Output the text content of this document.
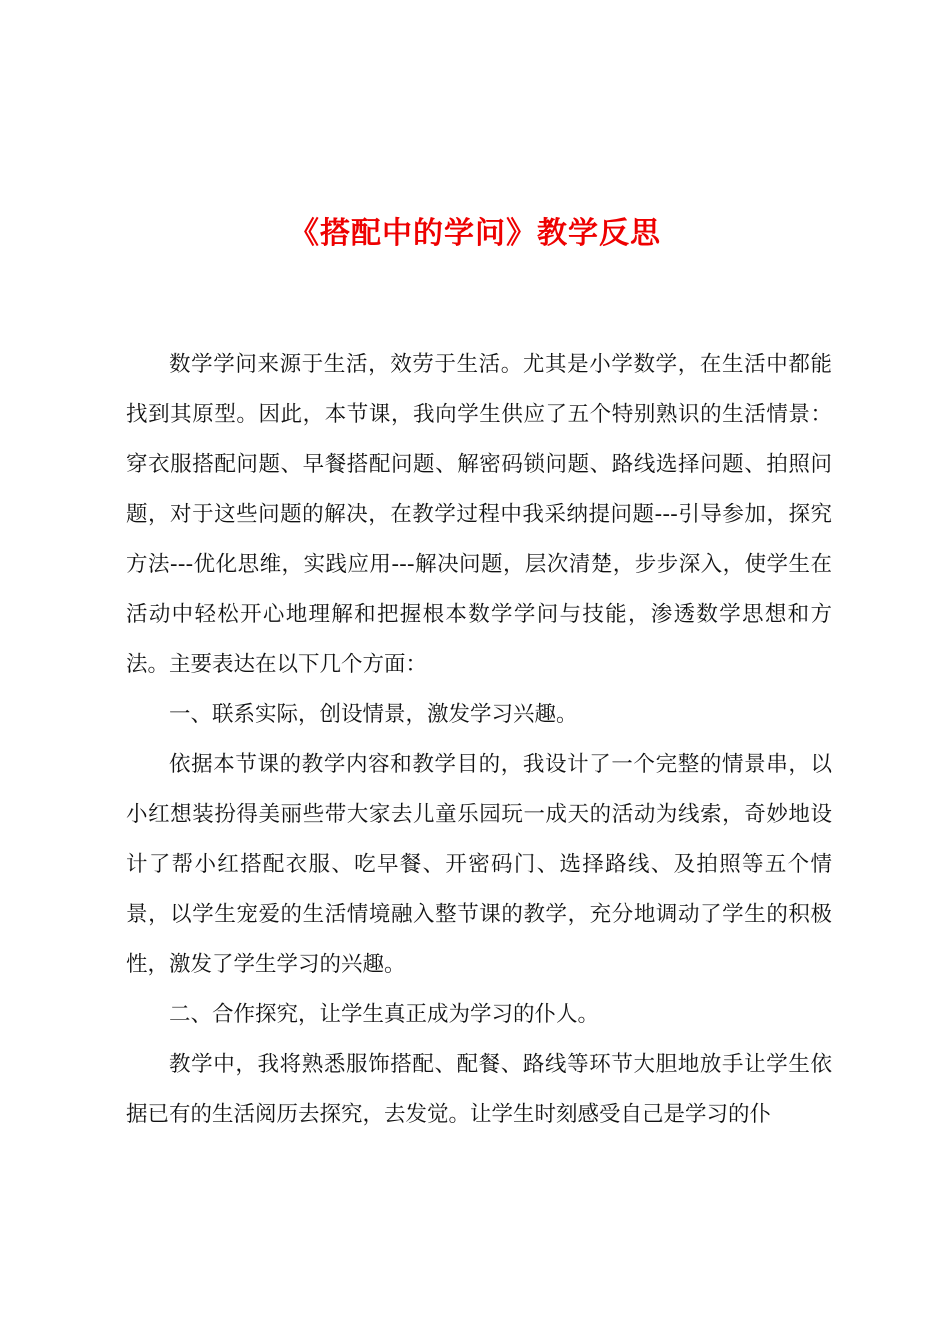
《搭配中的学问》教学反思

数学学问来源于生活，效劳于生活。尤其是小学数学，在生活中都能找到其原型。因此，本节课，我向学生供应了五个特别熟识的生活情景：穿衣服搭配问题、早餐搭配问题、解密码锁问题、路线选择问题、拍照问题，对于这些问题的解决，在教学过程中我采纳提问题---引导参加，探究方法---优化思维，实践应用---解决问题，层次清楚，步步深入，使学生在活动中轻松开心地理解和把握根本数学学问与技能，渗透数学思想和方法。主要表达在以下几个方面：

一、联系实际，创设情景，激发学习兴趣。

依据本节课的教学内容和教学目的，我设计了一个完整的情景串，以小红想装扮得美丽些带大家去儿童乐园玩一成天的活动为线索，奇妙地设计了帮小红搭配衣服、吃早餐、开密码门、选择路线、及拍照等五个情景，以学生宠爱的生活情境融入整节课的教学，充分地调动了学生的积极性，激发了学生学习的兴趣。

二、合作探究，让学生真正成为学习的仆人。

教学中，我将熟悉服饰搭配、配餐、路线等环节大胆地放手让学生依据已有的生活阅历去探究，去发觉。让学生时刻感受自己是学习的仆
